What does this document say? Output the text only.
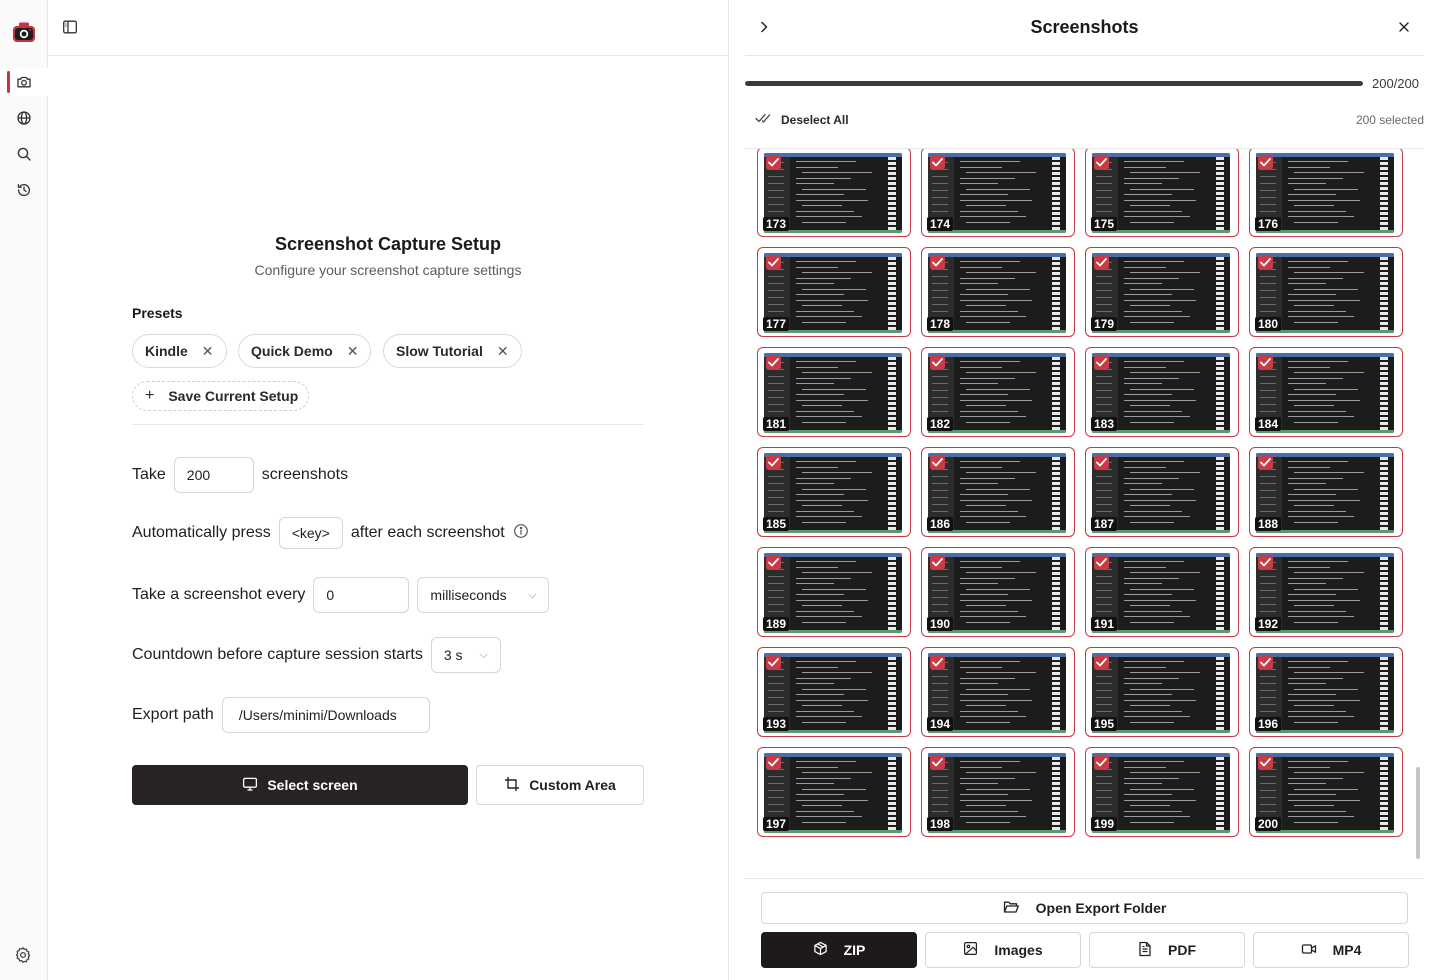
Screenshot Capture Setup
Configure your screenshot capture settings
Presets
Kindle ✕	Quick Demo ✕	Slow Tutorial ✕
+ Save Current Setup
Take	200	screenshots
Automatically press	<key>	after each screenshot
Take a screenshot every	0	milliseconds	⌵
Countdown before capture session starts 3 s	⌵
Export path	/Users/minimi/Downloads
Select screen	Custom Area
Screenshots
200/200
Deselect All	200 selected
173	174	175	176
177	178	179	180
181	182	183	184
185	186	187	188
189	190	191	192
193	194	195	196
197	198	199	200
Open Export Folder
ZIP	Images	PDF	MP4
